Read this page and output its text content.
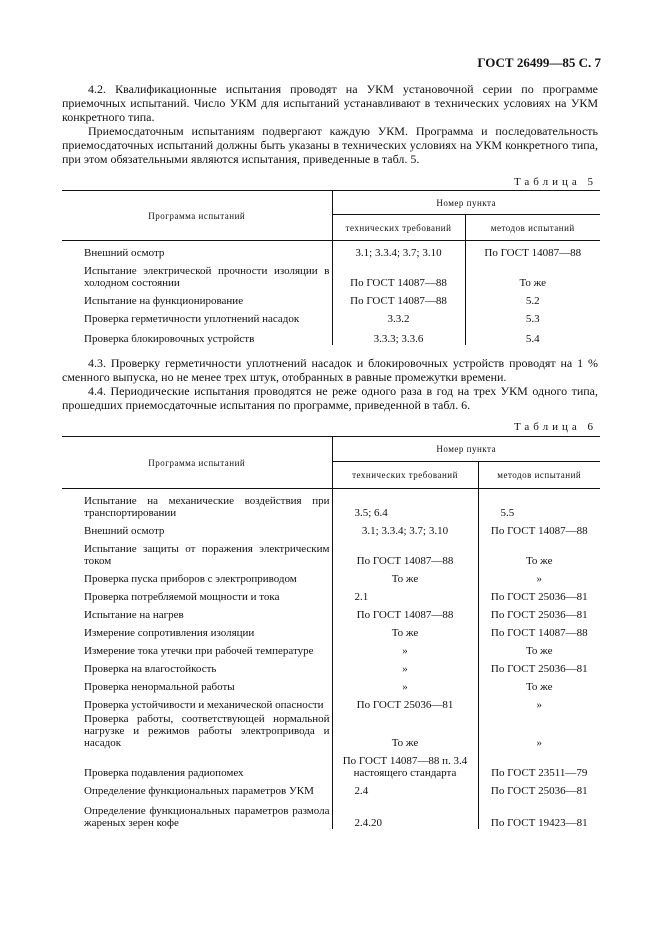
ГОСТ 26499—85 С. 7

4.2. Квалификационные испытания проводят на УКМ установочной серии по программе приемочных испытаний. Число УКМ для испытаний устанавливают в технических условиях на УКМ конкретного типа.

Приемосдаточным испытаниям подвергают каждую УКМ. Программа и последовательность приемосдаточных испытаний должны быть указаны в технических условиях на УКМ конкретного типа, при этом обязательными являются испытания, приведенные в табл. 5.

Таблица 5
Программа испытаний	Номер пункта	
	технических требований	методов испытаний
Внешний осмотр	3.1; 3.3.4; 3.7; 3.10	По ГОСТ 14087—88
Испытание электрической прочности изоляции в холодном состоянии	По ГОСТ 14087—88	То же
Испытание на функционирование	По ГОСТ 14087—88	5.2
Проверка герметичности уплотнений насадок	3.3.2	5.3
Проверка блокировочных устройств	3.3.3; 3.3.6	5.4

4.3. Проверку герметичности уплотнений насадок и блокировочных устройств проводят на 1 % сменного выпуска, но не менее трех штук, отобранных в равные промежутки времени.

4.4. Периодические испытания проводятся не реже одного раза в год на трех УКМ одного типа, прошедших приемосдаточные испытания по программе, приведенной в табл. 6.

Таблица 6
Программа испытаний	Номер пункта	
	технических требований	методов испытаний
Испытание на механические воздействия при транспортировании	3.5; 6.4	5.5
Внешний осмотр	3.1; 3.3.4; 3.7; 3.10	По ГОСТ 14087—88
Испытание защиты от поражения электрическим током	По ГОСТ 14087—88	То же
Проверка пуска приборов с электроприводом	То же	»
Проверка потребляемой мощности и тока	2.1	По ГОСТ 25036—81
Испытание на нагрев	По ГОСТ 14087—88	По ГОСТ 25036—81
Измерение сопротивления изоляции	То же	По ГОСТ 14087—88
Измерение тока утечки при рабочей температуре	»	То же
Проверка на влагостойкость	»	По ГОСТ 25036—81
Проверка ненормальной работы	»	То же
Проверка устойчивости и механической опасности	По ГОСТ 25036—81	»
Проверка работы, соответствующей нормальной нагрузке и режимов работы электропривода и насадок	То же	»
Проверка подавления радиопомех	По ГОСТ 14087—88 п. 3.4 настоящего стандарта	По ГОСТ 23511—79
Определение функциональных параметров УКМ	2.4	По ГОСТ 25036—81
Определение функциональных параметров размола жареных зерен кофе	2.4.20	По ГОСТ 19423—81
